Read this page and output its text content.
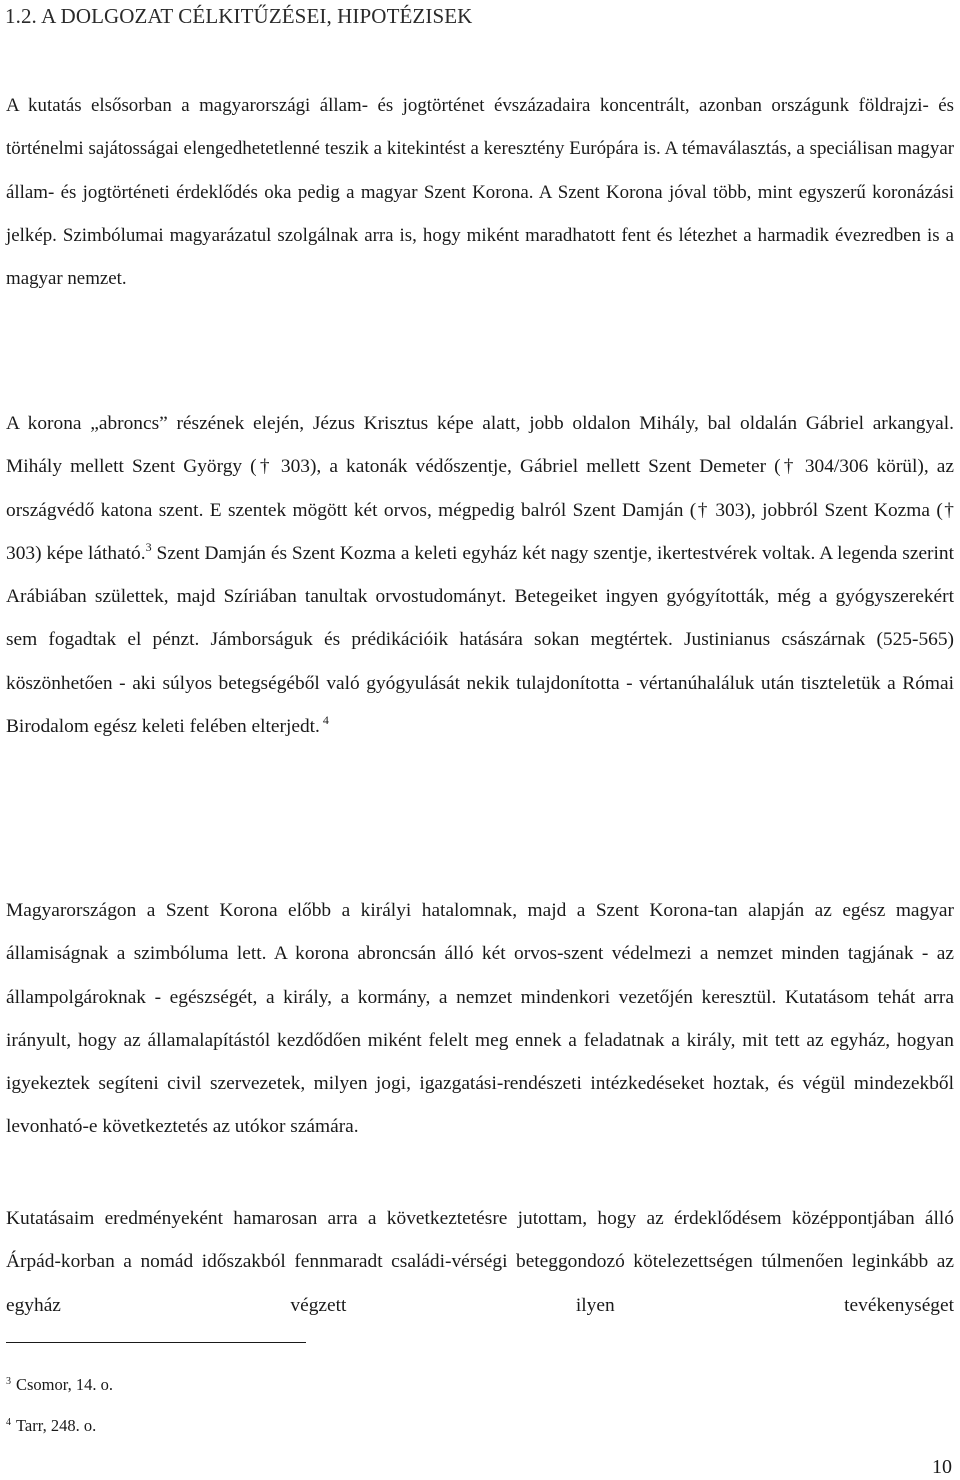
1.2. A DOLGOZAT CÉLKITŰZÉSEI, HIPOTÉZISEK

A kutatás elsősorban a magyarországi állam- és jogtörténet évszázadaira koncentrált, azonban országunk földrajzi- és történelmi sajátosságai elengedhetetlenné teszik a kitekintést a keresztény Európára is. A témaválasztás, a speciálisan magyar állam- és jogtörténeti érdeklődés oka pedig a magyar Szent Korona. A Szent Korona jóval több, mint egyszerű koronázási jelkép. Szimbólumai magyarázatul szolgálnak arra is, hogy miként maradhatott fent és létezhet a harmadik évezredben is a magyar nemzet.

A korona „abroncs” részének elején, Jézus Krisztus képe alatt, jobb oldalon Mihály, bal oldalán Gábriel arkangyal. Mihály mellett Szent György († 303), a katonák védőszentje, Gábriel mellett Szent Demeter († 304/306 körül), az országvédő katona szent. E szentek mögött két orvos, mégpedig balról Szent Damján († 303), jobbról Szent Kozma († 303) képe látható.$^3$ Szent Damján és Szent Kozma a keleti egyház két nagy szentje, ikertestvérek voltak. A legenda szerint Arábiában születtek, majd Szíriában tanultak orvostudományt. Betegeiket ingyen gyógyították, még a gyógyszerekért sem fogadtak el pénzt. Jámborságuk és prédikációik hatására sokan megtértek. Justinianus császárnak (525-565) köszönhetően - aki súlyos betegségéből való gyógyulását nekik tulajdonította - vértanúhaláluk után tiszteletük a Római Birodalom egész keleti felében elterjedt. $^4$

Magyarországon a Szent Korona előbb a királyi hatalomnak, majd a Szent Korona-tan alapján az egész magyar államiságnak a szimbóluma lett. A korona abroncsán álló két orvos-szent védelmezi a nemzet minden tagjának - az állampolgároknak - egészségét, a király, a kormány, a nemzet mindenkori vezetőjén keresztül. Kutatásom tehát arra irányult, hogy az államalapítástól kezdődően miként felelt meg ennek a feladatnak a király, mit tett az egyház, hogyan igyekeztek segíteni civil szervezetek, milyen jogi, igazgatási-rendészeti intézkedéseket hoztak, és végül mindezekből levonható-e következtetés az utókor számára.

Kutatásaim eredményeként hamarosan arra a következtetésre jutottam, hogy az érdeklődésem középpontjában álló Árpád-korban a nomád időszakból fennmaradt családi-vérségi beteggondozó kötelezettségen túlmenően leginkább az egyház végzett ilyen tevékenységet

$^3$ Csomor, 14. o.

$^4$ Tarr, 248. o.

10
